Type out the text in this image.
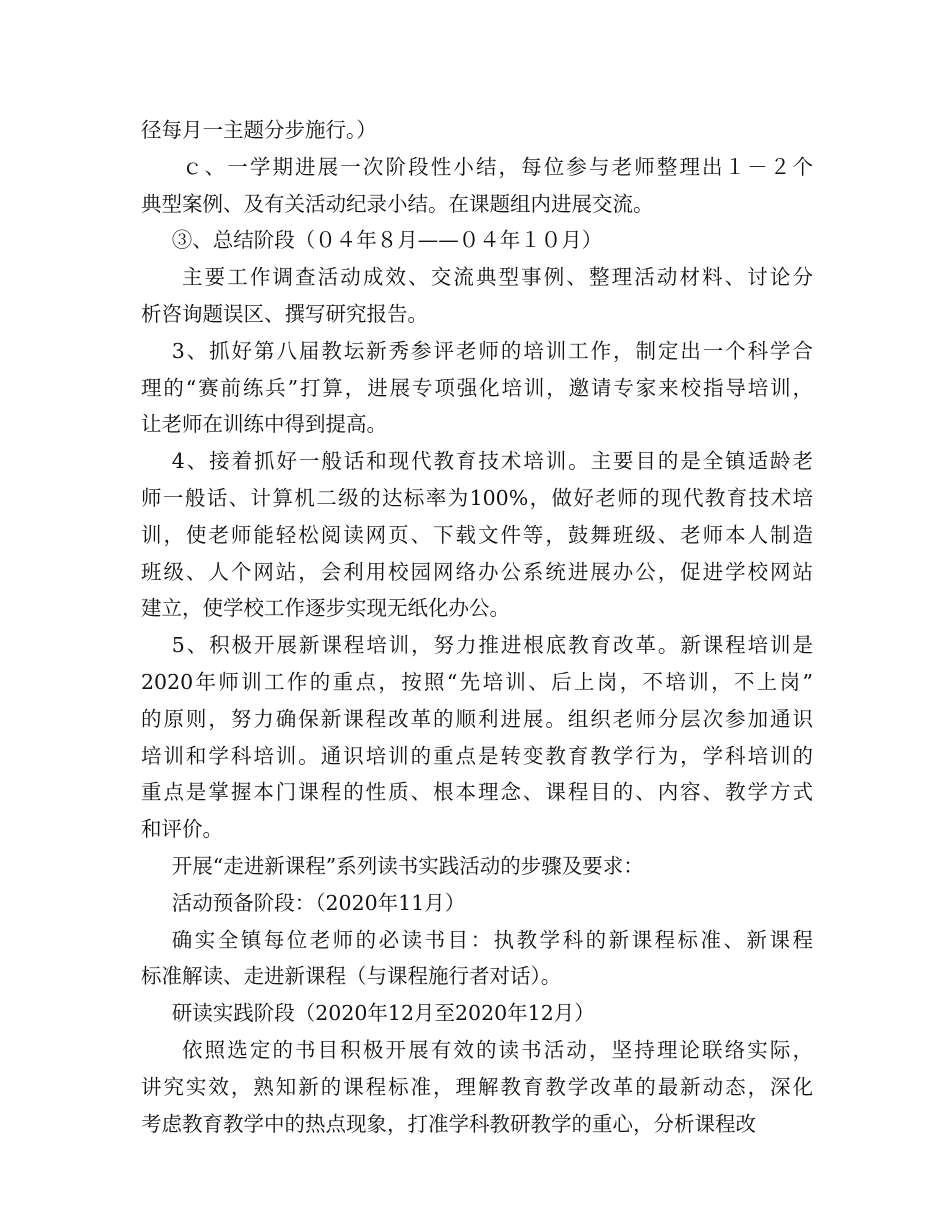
径每月一主题分步施行。）
ｃ、一学期进展一次阶段性小结，每位参与老师整理出１－２个
典型案例、及有关活动纪录小结。在课题组内进展交流。
③、总结阶段（０４年８月——０４年１０月）
主要工作调查活动成效、交流典型事例、整理活动材料、讨论分
析咨询题误区、撰写研究报告。
3、抓好第八届教坛新秀参评老师的培训工作，制定出一个科学合
理的“赛前练兵”打算，进展专项强化培训，邀请专家来校指导培训，
让老师在训练中得到提高。
4、接着抓好一般话和现代教育技术培训。主要目的是全镇适龄老
师一般话、计算机二级的达标率为100%，做好老师的现代教育技术培
训，使老师能轻松阅读网页、下载文件等，鼓舞班级、老师本人制造
班级、人个网站，会利用校园网络办公系统进展办公，促进学校网站
建立，使学校工作逐步实现无纸化办公。
5、积极开展新课程培训，努力推进根底教育改革。新课程培训是
2020年师训工作的重点，按照“先培训、后上岗，不培训，不上岗”
的原则，努力确保新课程改革的顺利进展。组织老师分层次参加通识
培训和学科培训。通识培训的重点是转变教育教学行为，学科培训的
重点是掌握本门课程的性质、根本理念、课程目的、内容、教学方式
和评价。
开展“走进新课程”系列读书实践活动的步骤及要求：
活动预备阶段：（2020年11月）
确实全镇每位老师的必读书目：执教学科的新课程标准、新课程
标准解读、走进新课程（与课程施行者对话）。
研读实践阶段（2020年12月至2020年12月）
依照选定的书目积极开展有效的读书活动，坚持理论联络实际，
讲究实效，熟知新的课程标准，理解教育教学改革的最新动态，深化
考虑教育教学中的热点现象，打准学科教研教学的重心，分析课程改
